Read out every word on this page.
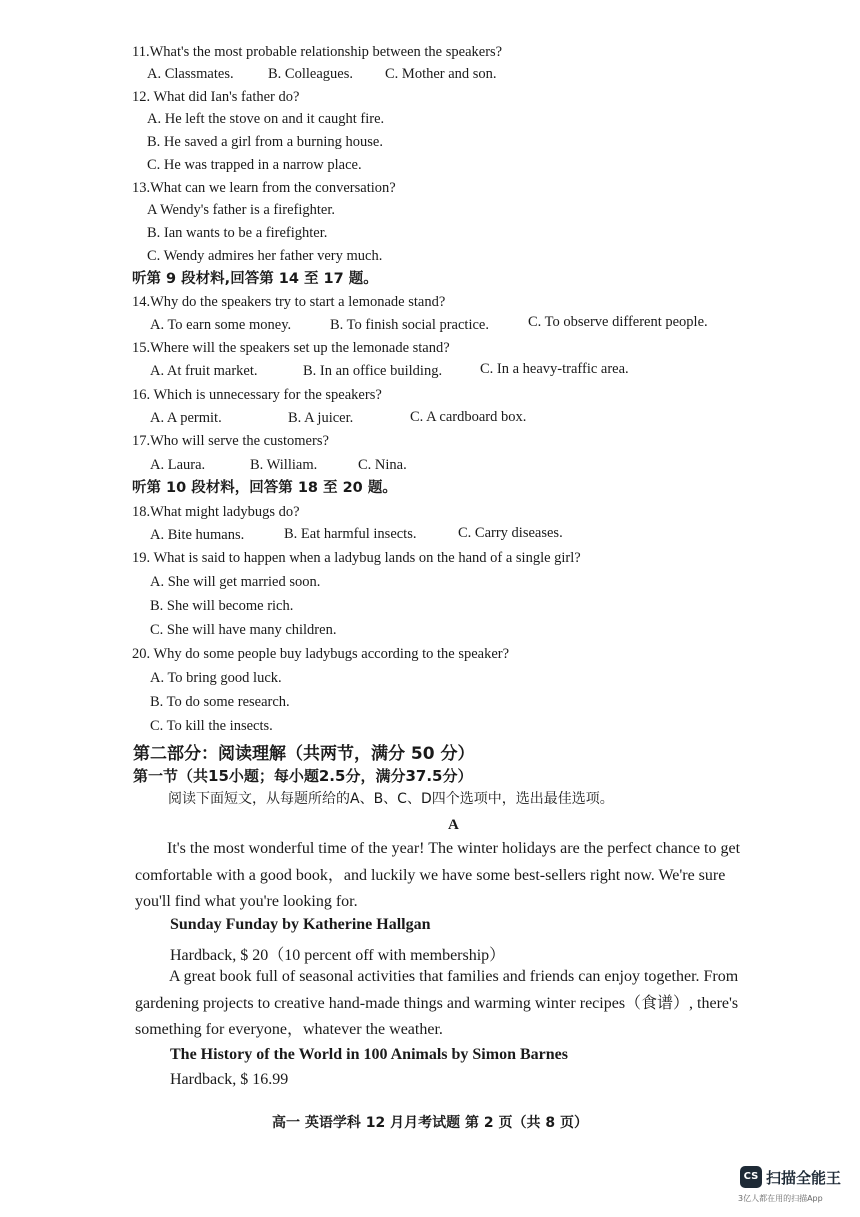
11.What's the most probable relationship between the speakers?
A. Classmates. B. Colleagues. C. Mother and son.
12. What did Ian's father do?
A. He left the stove on and it caught fire.
B. He saved a girl from a burning house.
C. He was trapped in a narrow place.
13.What can we learn from the conversation?
A Wendy's father is a firefighter.
B. Ian wants to be a firefighter.
C. Wendy admires her father very much.
听第 9 段材料,回答第 14 至 17 题。
14.Why do the speakers try to start a lemonade stand?
A. To earn some money.	B. To finish social practice.	C. To observe different people.
15.Where will the speakers set up the lemonade stand?
A. At fruit market.	B. In an office building.	C. In a heavy-traffic area.
16. Which is unnecessary for the speakers?
A. A permit.	B. A juicer.	C. A cardboard box.
17.Who will serve the customers?
A. Laura.	B. William.	C. Nina.
听第 10 段材料，回答第 18 至 20 题。
18.What might ladybugs do?
A. Bite humans.	B. Eat harmful insects.	C. Carry diseases.
19. What is said to happen when a ladybug lands on the hand of a single girl?
A. She will get married soon.
B. She will become rich.
C. She will have many children.
20. Why do some people buy ladybugs according to the speaker?
A. To bring good luck.
B. To do some research.
C. To kill the insects.
第二部分：阅读理解（共两节，满分 50 分）
第一节（共15小题；每小题2.5分，满分37.5分）
阅读下面短文，从每题所给的A、B、C、D四个选项中，选出最佳选项。
A
It's the most wonderful time of the year! The winter holidays are the perfect chance to get comfortable with a good book，and luckily we have some best-sellers right now. We're sure you'll find what you're looking for.
Sunday Funday by Katherine Hallgan
Hardback, $ 20（10 percent off with membership）
A great book full of seasonal activities that families and friends can enjoy together. From gardening projects to creative hand-made things and warming winter recipes（食谱）, there's something for everyone，whatever the weather.
The History of the World in 100 Animals by Simon Barnes
Hardback, $ 16.99
高一 英语学科 12 月月考试题 第 2 页（共 8 页）
CS 扫描全能王
3亿人都在用的扫描App
